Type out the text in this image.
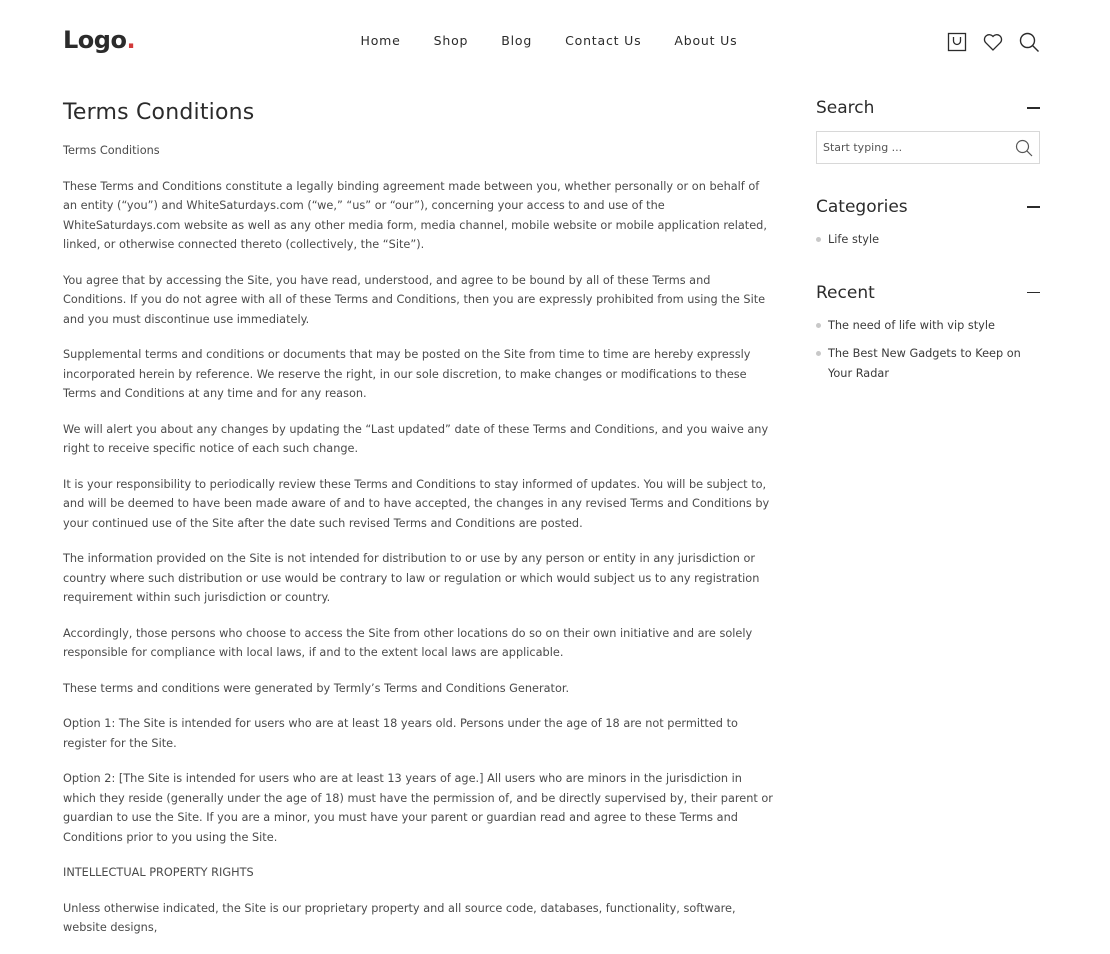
Logo.	Home	Shop	Blog	Contact Us	About Us
Terms Conditions

Terms Conditions

These Terms and Conditions constitute a legally binding agreement made between you, whether personally or on behalf of an entity (“you”) and WhiteSaturdays.com (“we,” “us” or “our”), concerning your access to and use of the WhiteSaturdays.com website as well as any other media form, media channel, mobile website or mobile application related, linked, or otherwise connected thereto (collectively, the “Site”).

You agree that by accessing the Site, you have read, understood, and agree to be bound by all of these Terms and Conditions. If you do not agree with all of these Terms and Conditions, then you are expressly prohibited from using the Site and you must discontinue use immediately.

Supplemental terms and conditions or documents that may be posted on the Site from time to time are hereby expressly incorporated herein by reference. We reserve the right, in our sole discretion, to make changes or modifications to these Terms and Conditions at any time and for any reason.

We will alert you about any changes by updating the “Last updated” date of these Terms and Conditions, and you waive any right to receive specific notice of each such change.

It is your responsibility to periodically review these Terms and Conditions to stay informed of updates. You will be subject to, and will be deemed to have been made aware of and to have accepted, the changes in any revised Terms and Conditions by your continued use of the Site after the date such revised Terms and Conditions are posted.

The information provided on the Site is not intended for distribution to or use by any person or entity in any jurisdiction or country where such distribution or use would be contrary to law or regulation or which would subject us to any registration requirement within such jurisdiction or country.

Accordingly, those persons who choose to access the Site from other locations do so on their own initiative and are solely responsible for compliance with local laws, if and to the extent local laws are applicable.

These terms and conditions were generated by Termly’s Terms and Conditions Generator.

Option 1: The Site is intended for users who are at least 18 years old. Persons under the age of 18 are not permitted to register for the Site.

Option 2: [The Site is intended for users who are at least 13 years of age.] All users who are minors in the jurisdiction in which they reside (generally under the age of 18) must have the permission of, and be directly supervised by, their parent or guardian to use the Site. If you are a minor, you must have your parent or guardian read and agree to these Terms and Conditions prior to you using the Site.

INTELLECTUAL PROPERTY RIGHTS

Unless otherwise indicated, the Site is our proprietary property and all source code, databases, functionality, software, website designs,

Search
Start typing ...
Categories
Life style
Recent
The need of life with vip style
The Best New Gadgets to Keep on Your Radar
